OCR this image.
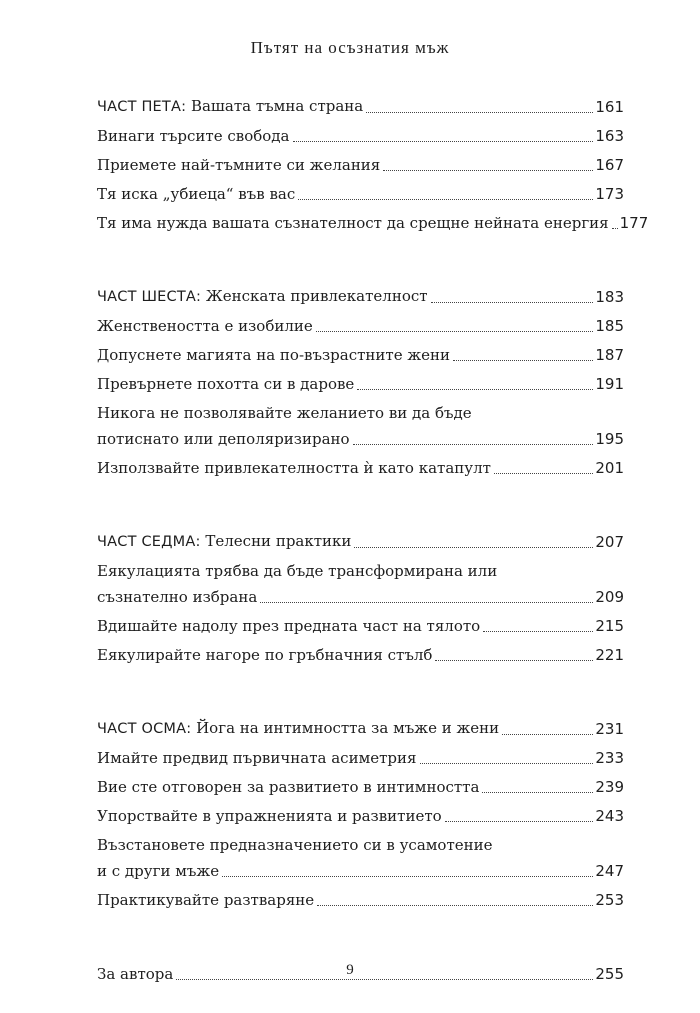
Пътят на осъзнатия мъж
ЧАСТ ПЕТА: Вашата тъмна страна	161
Винаги търсите свобода	163
Приемете най-тъмните си желания	167
Тя иска „убиеца“ във вас	173
Тя има нужда вашата съзнателност да срещне нейната енергия 177
ЧАСТ ШЕСТА: Женската привлекателност	183
Женствеността е изобилие	185
Допуснете магията на по-възрастните жени	187
Превърнете похотта си в дарове	191
Никога не позволявайте желанието ви да бъде
потиснато или деполяризирано	195
Използвайте привлекателността ѝ като катапулт	201
ЧАСТ СЕДМА: Телесни практики	207
Еякулацията трябва да бъде трансформирана или
съзнателно избрана	209
Вдишайте надолу през предната част на тялото	215
Еякулирайте нагоре по гръбначния стълб	221
ЧАСТ ОСМА: Йога на интимността за мъже и жени	231
Имайте предвид първичната асиметрия	233
Вие сте отговорен за развитието в интимността	239
Упорствайте в упражненията и развитието	243
Възстановете предназначението си в усамотение
и с други мъже	247
Практикувайте разтваряне	253
За автора	255
9
